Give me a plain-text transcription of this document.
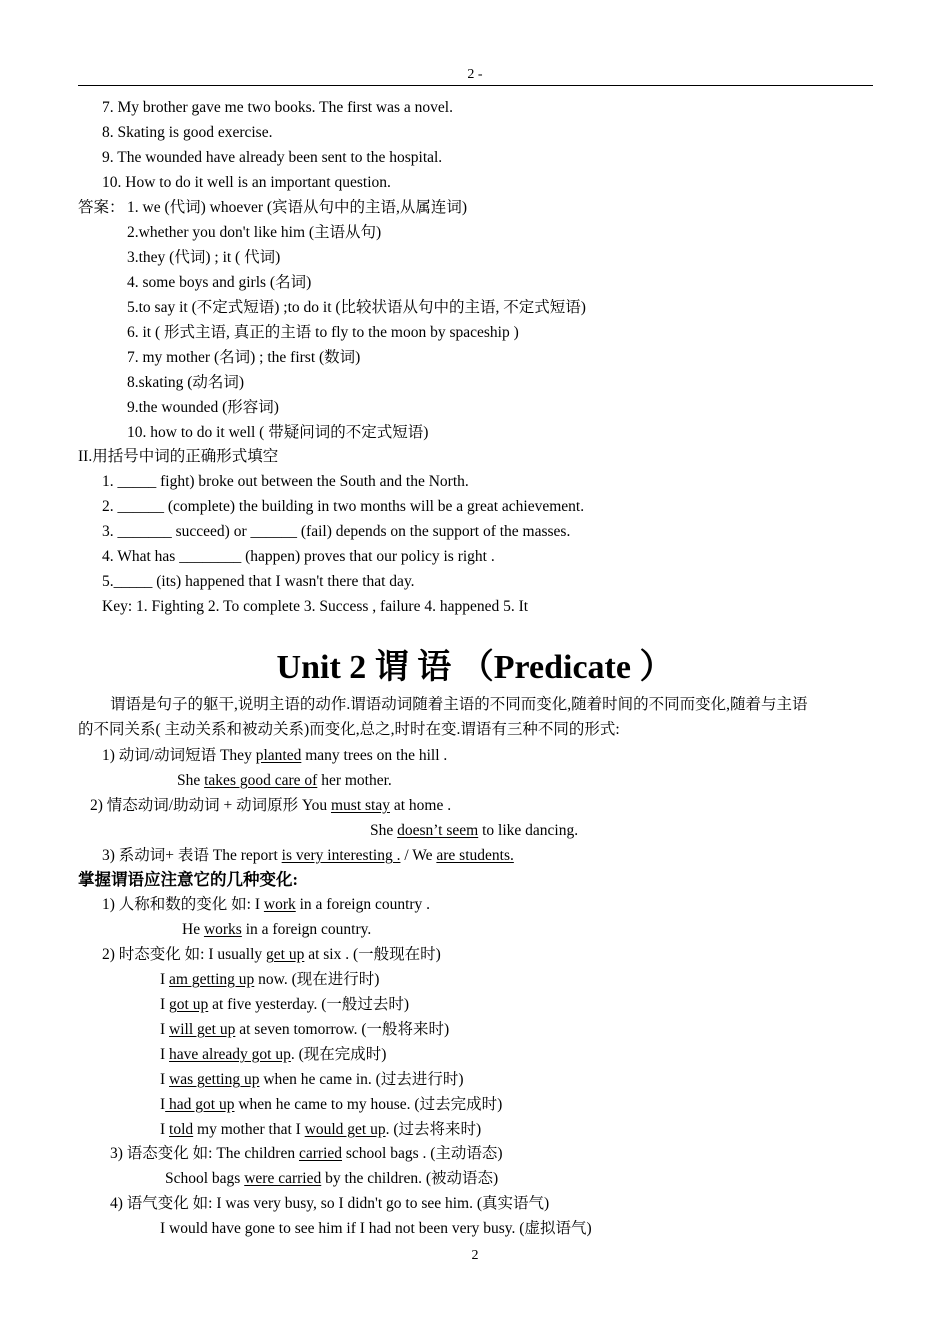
2 -
7. My brother gave me two books. The first was a novel.
8. Skating is good exercise.
9. The wounded have already been sent to the hospital.
10. How to do it well is an important question.
答案： 1. we (代词) whoever (宾语从句中的主语,从属连词)
2.whether you don't like him (主语从句)
3.they (代词) ; it ( 代词)
4. some boys and girls (名词)
5.to say it (不定式短语) ;to do it (比较状语从句中的主语, 不定式短语)
6. it ( 形式主语, 真正的主语 to fly to the moon by spaceship )
7. my mother (名词) ; the first (数词)
8.skating (动名词)
9.the wounded (形容词)
10. how to do it well ( 带疑问词的不定式短语)
II.用括号中词的正确形式填空
1. _____ fight) broke out between the South and the North.
2. ______ (complete) the building in two months will be a great achievement.
3. _______ succeed) or ______ (fail) depends on the support of the masses.
4. What has ________ (happen) proves that our policy is right .
5._____ (its) happened that I wasn't there that day.
Key: 1. Fighting 2. To complete 3. Success , failure 4. happened 5. It
Unit 2 谓 语 （Predicate ）
谓语是句子的躯干,说明主语的动作.谓语动词随着主语的不同而变化,随着时间的不同而变化,随着与主语
的不同关系( 主动关系和被动关系)而变化,总之,时时在变.谓语有三种不同的形式:
1) 动词/动词短语 They planted many trees on the hill .
She takes good care of her mother.
2) 情态动词/助动词 + 动词原形 You must stay at home .
She doesn’t seem to like dancing.
3) 系动词+ 表语 The report is very interesting . / We are students.
掌握谓语应注意它的几种变化:
1) 人称和数的变化 如: I work in a foreign country .
He works in a foreign country.
2) 时态变化 如: I usually get up at six . (一般现在时)
I am getting up now. (现在进行时)
I got up at five yesterday. (一般过去时)
I will get up at seven tomorrow. (一般将来时)
I have already got up. (现在完成时)
I was getting up when he came in. (过去进行时)
I had got up when he came to my house. (过去完成时)
I told my mother that I would get up. (过去将来时)
3) 语态变化 如: The children carried school bags . (主动语态)
School bags were carried by the children. (被动语态)
4) 语气变化 如: I was very busy, so I didn't go to see him. (真实语气)
I would have gone to see him if I had not been very busy. (虚拟语气)
2
